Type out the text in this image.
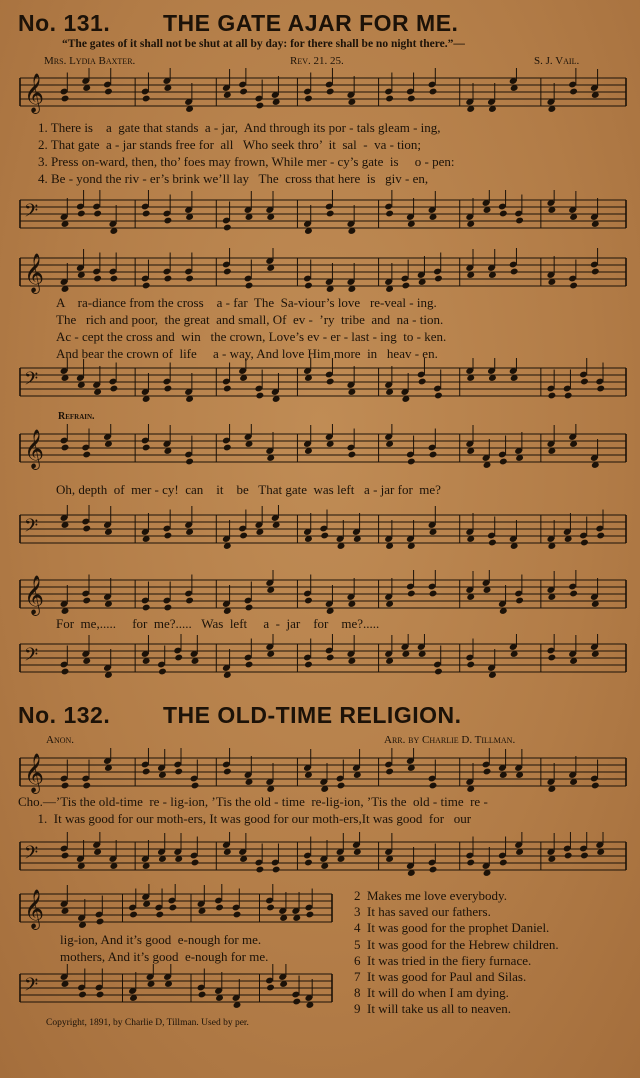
No. 131. THE GATE AJAR FOR ME.
“The gates of it shall not be shut at all by day: for there shall be no night there.”—
Mrs. Lydia Baxter.	Rev. 21. 25.	S. J. Vail.
𝄞
1. There is    a  gate that stands  a - jar,  And through its por - tals gleam - ing,
2. That gate  a - jar stands free for  all   Who seek thro’  it  sal  -  va - tion;
3. Press on-ward, then, tho’ foes may frown, While mer - cy’s gate  is     o - pen:
4. Be - yond the riv - er’s brink we’ll lay   The  cross that here  is   giv - en,
𝄢
𝄞
A    ra-diance from the cross    a - far  The  Sa-viour’s love   re-veal - ing.
The   rich and poor,  the great  and small, Of  ev -  ’ry  tribe  and  na - tion.
Ac - cept the cross and  win   the crown, Love’s ev - er - last - ing  to - ken.
And bear the crown of  life     a - way, And love Him more  in   heav - en.
𝄢
Refrain.
𝄞
Oh, depth  of  mer - cy!  can    it    be   That gate  was left   a - jar for  me?
𝄢
𝄞
For  me,.....     for  me?.....   Was  left     a  -  jar    for    me?.....
𝄢
No. 132. THE OLD-TIME RELIGION.
Anon.	Arr. by Charlie D. Tillman.
𝄞
Cho.—’Tis the old-time  re - lig-ion, ’Tis the old - time  re-lig-ion, ’Tis the  old - time  re -
1.  It was good for our moth-ers, It was good for our moth-ers,It was good  for   our
𝄢
𝄞
lig-ion, And it’s good  e-nough for me.
mothers, And it’s good  e-nough for me.
𝄢
2  Makes me love everybody.
3  It has saved our fathers.
4  It was good for the prophet Daniel.
5  It was good for the Hebrew children.
6  It was tried in the fiery furnace.
7  It was good for Paul and Silas.
8  It will do when I am dying.
9  It will take us all to neaven.
Copyright, 1891, by Charlie D, Tillman. Used by per.
